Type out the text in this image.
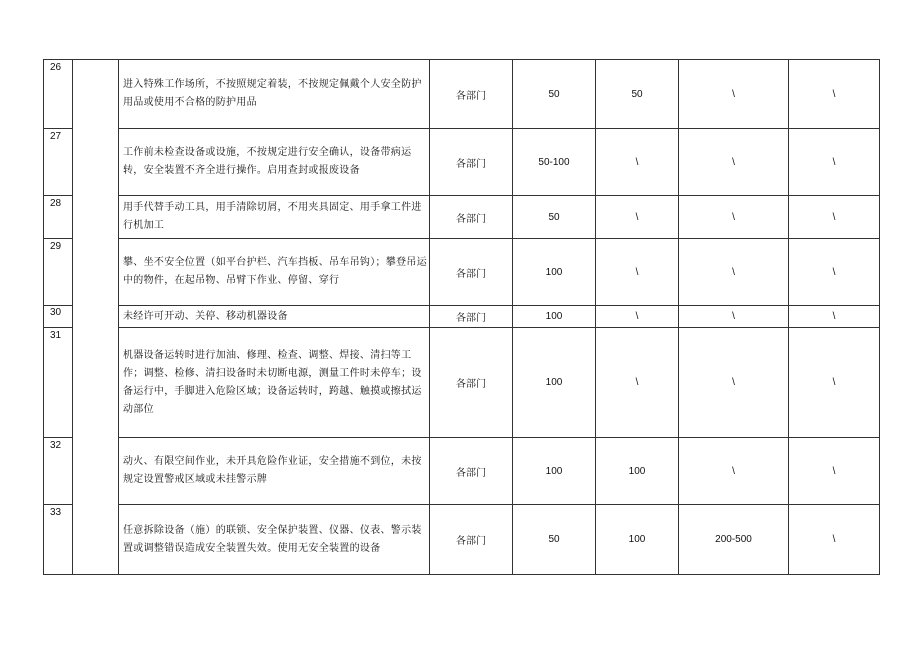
26		进入特殊工作场所，不按照规定着装，不按规定佩戴个人安全防护用品或使用不合格的防护用品	各部门	50	50	\	\
27		工作前未检查设备或设施，不按规定进行安全确认，设备带病运转，安全装置不齐全进行操作。启用查封或报废设备	各部门	50-100	\	\	\
28		用手代替手动工具，用手清除切屑，不用夹具固定、用手拿工件进行机加工	各部门	50	\	\	\
29		攀、坐不安全位置（如平台护栏、汽车挡板、吊车吊钩）；攀登吊运中的物件，在起吊物、吊臂下作业、停留、穿行	各部门	100	\	\	\
30		未经许可开动、关停、移动机器设备	各部门	100	\	\	\
31		机器设备运转时进行加油、修理、检查、调整、焊接、清扫等工作；调整、检修、清扫设备时未切断电源，测量工件时未停车；设备运行中，手脚进入危险区域；设备运转时，跨越、触摸或擦拭运动部位	各部门	100	\	\	\
32		动火、有限空间作业，未开具危险作业证，安全措施不到位，未按规定设置警戒区域或未挂警示牌	各部门	100	100	\	\
33		任意拆除设备（施）的联锁、安全保护装置、仪器、仪表、警示装置或调整错误造成安全装置失效。使用无安全装置的设备	各部门	50	100	200-500	\
